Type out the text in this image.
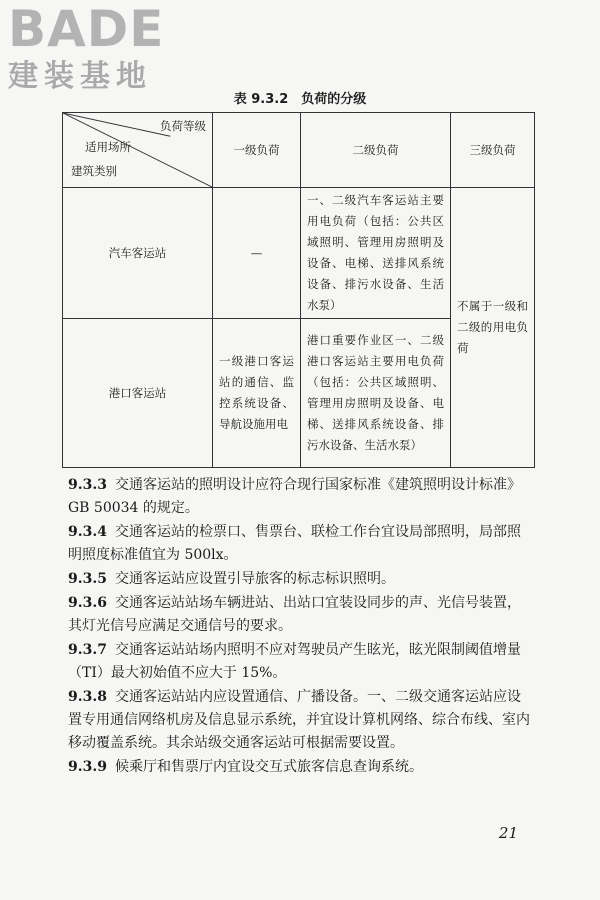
BADE
建装基地
表 9.3.2　负荷的分级
负荷等级
适用场所
建筑类别	一级负荷	二级负荷	三级负荷
汽车客运站	—	一、二级汽车客运站主要用电负荷（包括：公共区域照明、管理用房照明及设备、电梯、送排风系统设备、排污水设备、生活水泵）	不属于一级和二级的用电负荷
港口客运站	一级港口客运站的通信、监控系统设备、导航设施用电	港口重要作业区一、二级港口客运站主要用电负荷（包括：公共区域照明、管理用房照明及设备、电梯、送排风系统设备、排污水设备、生活水泵）	

9.3.3 交通客运站的照明设计应符合现行国家标准《建筑照明设计标准》GB 50034 的规定。

9.3.4 交通客运站的检票口、售票台、联检工作台宜设局部照明，局部照明照度标准值宜为 500lx。

9.3.5 交通客运站应设置引导旅客的标志标识照明。

9.3.6 交通客运站站场车辆进站、出站口宜装设同步的声、光信号装置，其灯光信号应满足交通信号的要求。

9.3.7 交通客运站站场内照明不应对驾驶员产生眩光，眩光限制阈值增量（TI）最大初始值不应大于 15%。

9.3.8 交通客运站站内应设置通信、广播设备。一、二级交通客运站应设置专用通信网络机房及信息显示系统，并宜设计算机网络、综合布线、室内移动覆盖系统。其余站级交通客运站可根据需要设置。

9.3.9 候乘厅和售票厅内宜设交互式旅客信息查询系统。

21
